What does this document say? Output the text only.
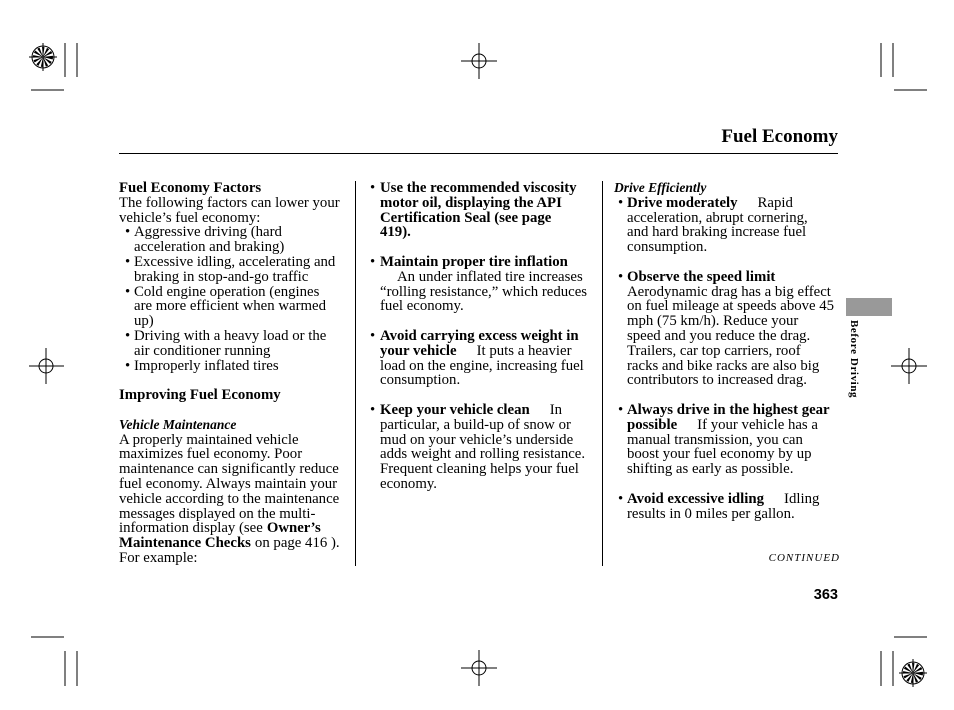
Fuel Economy
Before Driving
Fuel Economy Factors
The following factors can lower your
vehicle’s fuel economy:
• Aggressive driving (hard
acceleration and braking)
• Excessive idling, accelerating and
braking in stop-and-go traffic
• Cold engine operation (engines
are more efficient when warmed
up)
• Driving with a heavy load or the
air conditioner running
• Improperly inflated tires
Improving Fuel Economy
Vehicle Maintenance
A properly maintained vehicle
maximizes fuel economy. Poor
maintenance can significantly reduce
fuel economy. Always maintain your
vehicle according to the maintenance
messages displayed on the multi-
information display (see Owner’s
Maintenance Checks on page 416 ).
For example:
• Use the recommended viscosity
motor oil, displaying the API
Certification Seal (see page
419).
• Maintain proper tire inflation
An under inflated tire increases
“rolling resistance,” which reduces
fuel economy.
• Avoid carrying excess weight in
your vehicle It puts a heavier
load on the engine, increasing fuel
consumption.
• Keep your vehicle clean In
particular, a build-up of snow or
mud on your vehicle’s underside
adds weight and rolling resistance.
Frequent cleaning helps your fuel
economy.
Drive Efficiently
• Drive moderately Rapid
acceleration, abrupt cornering,
and hard braking increase fuel
consumption.
• Observe the speed limit
Aerodynamic drag has a big effect
on fuel mileage at speeds above 45
mph (75 km/h). Reduce your
speed and you reduce the drag.
Trailers, car top carriers, roof
racks and bike racks are also big
contributors to increased drag.
• Always drive in the highest gear
possible If your vehicle has a
manual transmission, you can
boost your fuel economy by up
shifting as early as possible.
• Avoid excessive idling Idling
results in 0 miles per gallon.
CONTINUED
363
